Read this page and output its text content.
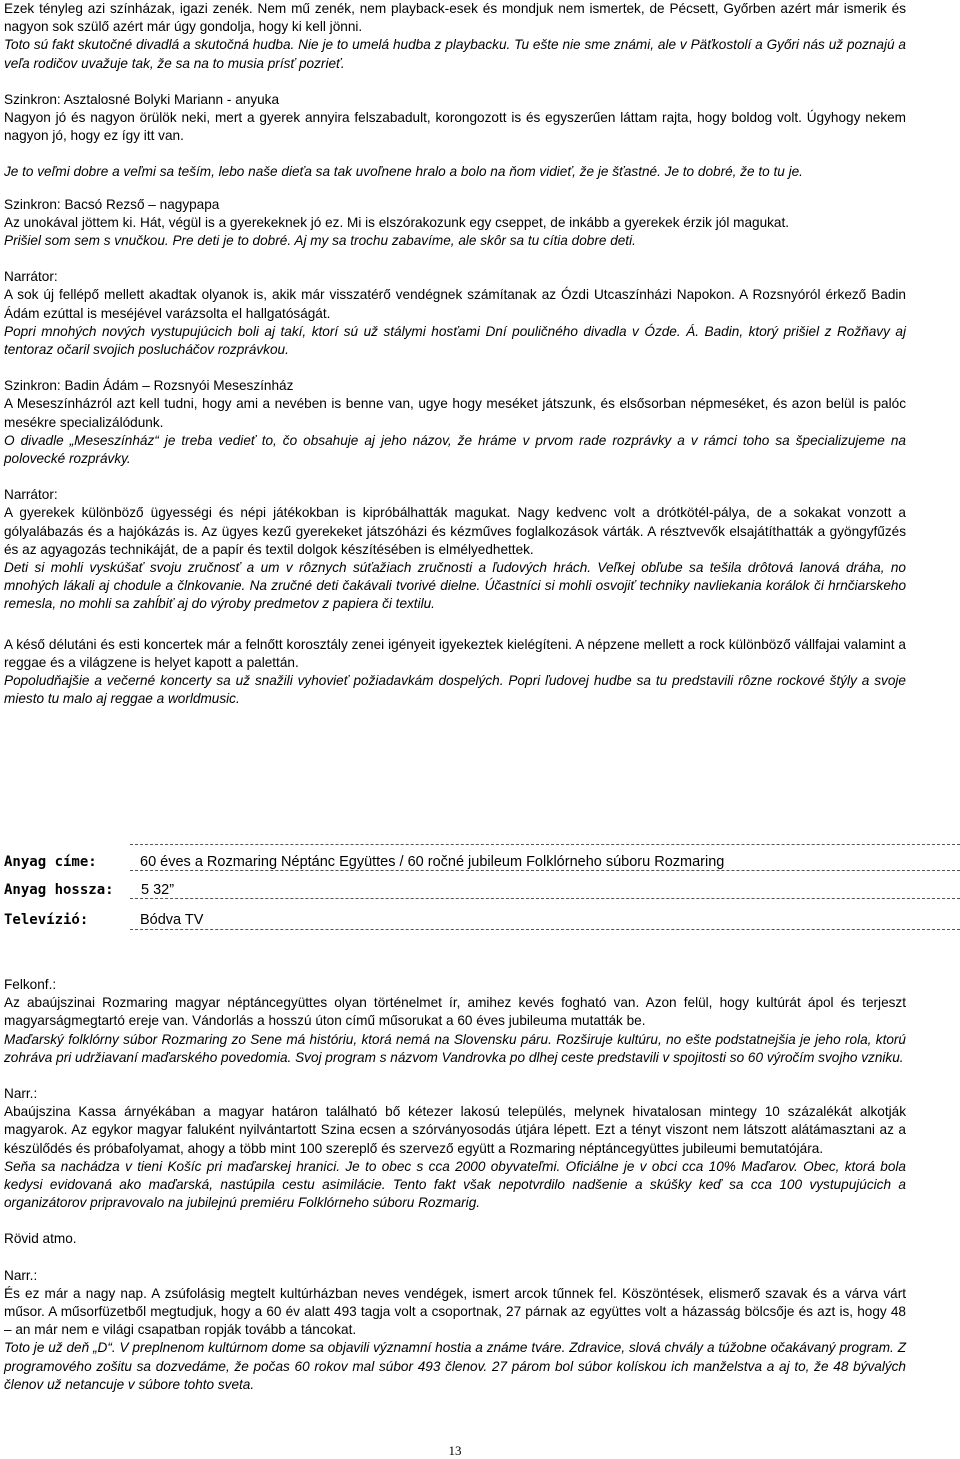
Ezek tényleg azi színházak, igazi zenék. Nem mű zenék, nem playback-esek és mondjuk nem ismertek, de Pécsett, Győrben azért már ismerik és nagyon sok szülő azért már úgy gondolja, hogy ki kell jönni.

Toto sú fakt skutočné divadlá a skutočná hudba. Nie je to umelá hudba z playbacku. Tu ešte nie sme známi, ale v Päťkostolí a Győri nás už poznajú a veľa rodičov uvažuje tak, že sa na to musia prísť pozrieť.

Szinkron: Asztalosné Bolyki Mariann - anyuka

Nagyon jó és nagyon örülök neki, mert a gyerek annyira felszabadult, korongozott is és egyszerűen láttam rajta, hogy boldog volt. Úgyhogy nekem nagyon jó, hogy ez így itt van.

Je to veľmi dobre a veľmi sa teším, lebo naše dieťa sa tak uvoľnene hralo a bolo na ňom vidieť, že je šťastné. Je to dobré, že to tu je.

Szinkron: Bacsó Rezső – nagypapa

Az unokával jöttem ki. Hát, végül is a gyerekeknek jó ez. Mi is elszórakozunk egy cseppet, de inkább a gyerekek érzik jól magukat.

Prišiel som sem s vnučkou. Pre deti je to dobré. Aj my sa trochu zabavíme, ale skôr sa tu cítia dobre deti.

Narrátor:

A sok új fellépő mellett akadtak olyanok is, akik már visszatérő vendégnek számítanak az Ózdi Utcaszínházi Napokon. A Rozsnyóról érkező Badin Ádám ezúttal is meséjével varázsolta el hallgatóságát.

Popri mnohých nových vystupujúcich boli aj takí, ktorí sú už stálymi hosťami Dní pouličného divadla v Ózde. Á. Badin, ktorý prišiel z Rožňavy aj tentoraz očaril svojich poslucháčov rozprávkou.

Szinkron: Badin Ádám – Rozsnyói Meseszínház

A Meseszínházról azt kell tudni, hogy ami a nevében is benne van, ugye hogy meséket játszunk, és elsősorban népmeséket, és azon belül is palóc mesékre specializálódunk.

O divadle „Meseszínház“ je treba vedieť to, čo obsahuje aj jeho názov, že hráme v prvom rade rozprávky a v rámci toho sa špecializujeme na polovecké rozprávky.

Narrátor:

A gyerekek különböző ügyességi és népi játékokban is kipróbálhatták magukat. Nagy kedvenc volt a drótkötél-pálya, de a sokakat vonzott a gólyalábazás és a hajókázás is. Az ügyes kezű gyerekeket játszóházi és kézműves foglalkozások várták. A résztvevők elsajátíthatták a gyöngyfűzés és az agyagozás technikáját, de a papír és textil dolgok készítésében is elmélyedhettek.

Deti si mohli vyskúšať svoju zručnosť a um v rôznych súťažiach zručnosti a ľudových hrách. Veľkej obľube sa tešila drôtová lanová dráha, no mnohých lákali aj chodule a člnkovanie. Na zručné deti čakávali tvorivé dielne. Účastníci si mohli osvojiť techniky navliekania korálok či hrnčiarskeho remesla, no mohli sa zahĺbiť aj do výroby predmetov z papiera či textilu.

A késő délutáni és esti koncertek már a felnőtt korosztály zenei igényeit igyekeztek kielégíteni. A népzene mellett a rock különböző vállfajai valamint a reggae és a világzene is helyet kapott a palettán.

Popoludňajšie a večerné koncerty sa už snažili vyhovieť požiadavkám dospelých. Popri ľudovej hudbe sa tu predstavili rôzne rockové štýly a svoje miesto tu malo aj reggae a worldmusic.

Anyag címe:	60 éves a Rozmaring Néptánc Együttes / 60 ročné jubileum Folklórneho súboru Rozmaring
Anyag hossza: 5 32”
Televízió:	Bódva TV

Felkonf.:

Az abaújszinai Rozmaring magyar néptáncegyüttes olyan történelmet ír, amihez kevés fogható van. Azon felül, hogy kultúrát ápol és terjeszt magyarságmegtartó ereje van. Vándorlás a hosszú úton című műsorukat a 60 éves jubileuma mutatták be.

Maďarský folklórny súbor Rozmaring zo Sene má históriu, ktorá nemá na Slovensku páru. Rozširuje kultúru, no ešte podstatnejšia je jeho rola, ktorú zohráva pri udržiavaní maďarského povedomia. Svoj program s názvom Vandrovka po dlhej ceste predstavili v spojitosti so 60 výročím svojho vzniku.

Narr.:

Abaújszina Kassa árnyékában a magyar határon található bő kétezer lakosú település, melynek hivatalosan mintegy 10 százalékát alkotják magyarok. Az egykor magyar faluként nyilvántartott Szina ecsen a szórványosodás útjára lépett. Ezt a tényt viszont nem látszott alátámasztani az a készülődés és próbafolyamat, ahogy a több mint 100 szereplő és szervező együtt a Rozmaring néptáncegyüttes jubileumi bemutatójára.

Seňa sa nachádza v tieni Košíc pri maďarskej hranici. Je to obec s cca 2000 obyvateľmi. Oficiálne je v obci cca 10% Maďarov. Obec, ktorá bola kedysi evidovaná ako maďarská, nastúpila cestu asimilácie. Tento fakt však nepotvrdilo nadšenie a skúšky keď sa cca 100 vystupujúcich a organizátorov pripravovalo na jubilejnú premiéru Folklórneho súboru Rozmarig.

Rövid atmo.

Narr.:

És ez már a nagy nap. A zsúfolásig megtelt kultúrházban neves vendégek, ismert arcok tűnnek fel. Köszöntések, elismerő szavak és a várva várt műsor. A műsorfüzetből megtudjuk, hogy a 60 év alatt 493 tagja volt a csoportnak, 27 párnak az együttes volt a házasság bölcsője és azt is, hogy 48 – an már nem e világi csapatban ropják tovább a táncokat.

Toto je už deň „D“. V preplnenom kultúrnom dome sa objavili významní hostia a známe tváre. Zdravice, slová chvály a túžobne očakávaný program. Z programového zošitu sa dozvedáme, že počas 60 rokov mal súbor 493 členov. 27 párom bol súbor kolískou ich manželstva a aj to, že 48 bývalých členov už netancuje v súbore tohto sveta.

13
